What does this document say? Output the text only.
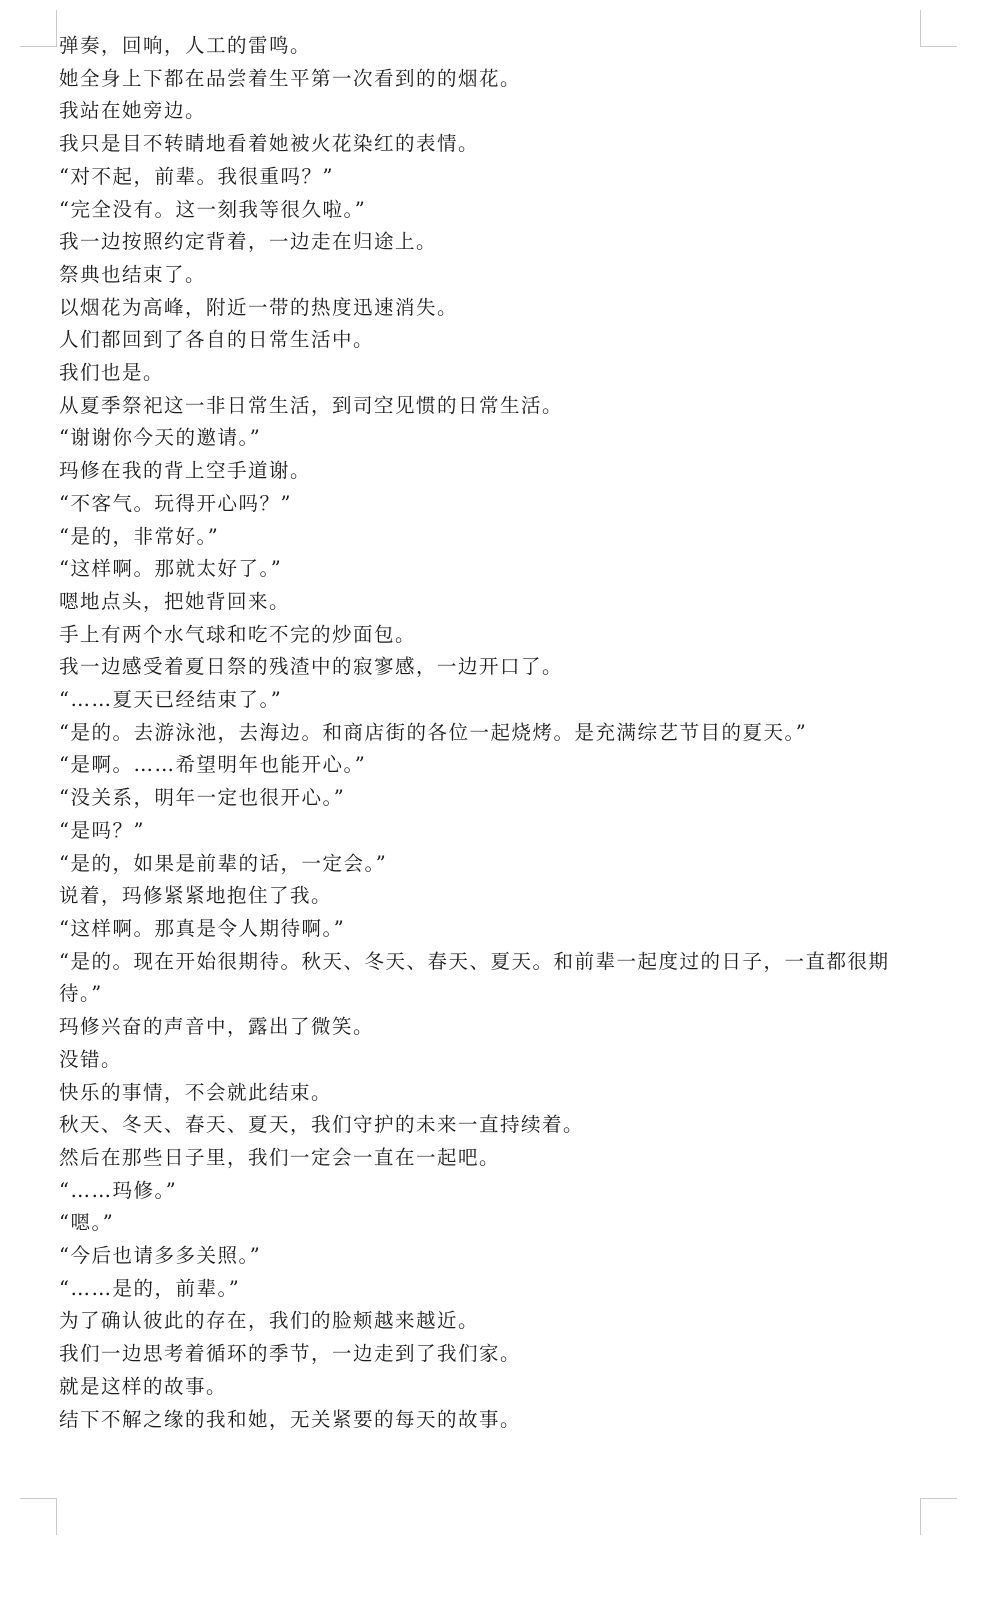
弹奏，回响，人工的雷鸣。

她全身上下都在品尝着生平第一次看到的的烟花。

我站在她旁边。

我只是目不转睛地看着她被火花染红的表情。

“对不起，前辈。我很重吗？”

“完全没有。这一刻我等很久啦。”

我一边按照约定背着，一边走在归途上。

祭典也结束了。

以烟花为高峰，附近一带的热度迅速消失。

人们都回到了各自的日常生活中。

我们也是。

从夏季祭祀这一非日常生活，到司空见惯的日常生活。

“谢谢你今天的邀请。”

玛修在我的背上空手道谢。

“不客气。玩得开心吗？”

“是的，非常好。”

“这样啊。那就太好了。”

嗯地点头，把她背回来。

手上有两个水气球和吃不完的炒面包。

我一边感受着夏日祭的残渣中的寂寥感，一边开口了。

“……夏天已经结束了。”

“是的。去游泳池，去海边。和商店街的各位一起烧烤。是充满综艺节目的夏天。”

“是啊。……希望明年也能开心。”

“没关系，明年一定也很开心。”

“是吗？”

“是的，如果是前辈的话，一定会。”

说着，玛修紧紧地抱住了我。

“这样啊。那真是令人期待啊。”

“是的。现在开始很期待。秋天、冬天、春天、夏天。和前辈一起度过的日子，一直都很期待。”

玛修兴奋的声音中，露出了微笑。

没错。

快乐的事情，不会就此结束。

秋天、冬天、春天、夏天，我们守护的未来一直持续着。

然后在那些日子里，我们一定会一直在一起吧。

“……玛修。”

“嗯。”

“今后也请多多关照。”

“……是的，前辈。”

为了确认彼此的存在，我们的脸颊越来越近。

我们一边思考着循环的季节，一边走到了我们家。

就是这样的故事。

结下不解之缘的我和她，无关紧要的每天的故事。
